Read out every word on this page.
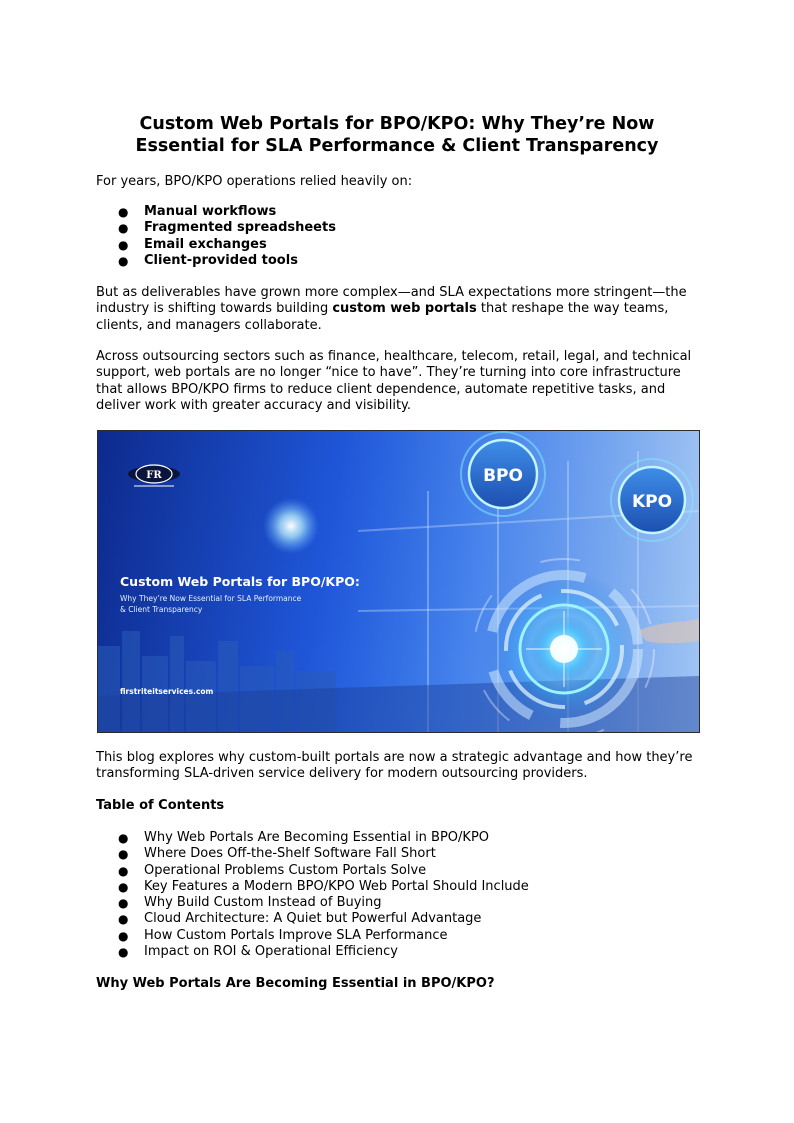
Custom Web Portals for BPO/KPO: Why They’re Now Essential for SLA Performance & Client Transparency

For years, BPO/KPO operations relied heavily on:

● Manual workflows
● Fragmented spreadsheets
● Email exchanges
● Client-provided tools

But as deliverables have grown more complex—and SLA expectations more stringent—the industry is shifting towards building custom web portals that reshape the way teams, clients, and managers collaborate.

Across outsourcing sectors such as finance, healthcare, telecom, retail, legal, and technical support, web portals are no longer “nice to have”. They’re turning into core infrastructure that allows BPO/KPO firms to reduce client dependence, automate repetitive tasks, and deliver work with greater accuracy and visibility.

BPO
KPO
FR
Custom Web Portals for BPO/KPO:
Why They’re Now Essential for SLA Performance
& Client Transparency
firstriteitservices.com

This blog explores why custom-built portals are now a strategic advantage and how they’re transforming SLA-driven service delivery for modern outsourcing providers.

Table of Contents

● Why Web Portals Are Becoming Essential in BPO/KPO
● Where Does Off-the-Shelf Software Fall Short
● Operational Problems Custom Portals Solve
● Key Features a Modern BPO/KPO Web Portal Should Include
● Why Build Custom Instead of Buying
● Cloud Architecture: A Quiet but Powerful Advantage
● How Custom Portals Improve SLA Performance
● Impact on ROI & Operational Efficiency

Why Web Portals Are Becoming Essential in BPO/KPO?
